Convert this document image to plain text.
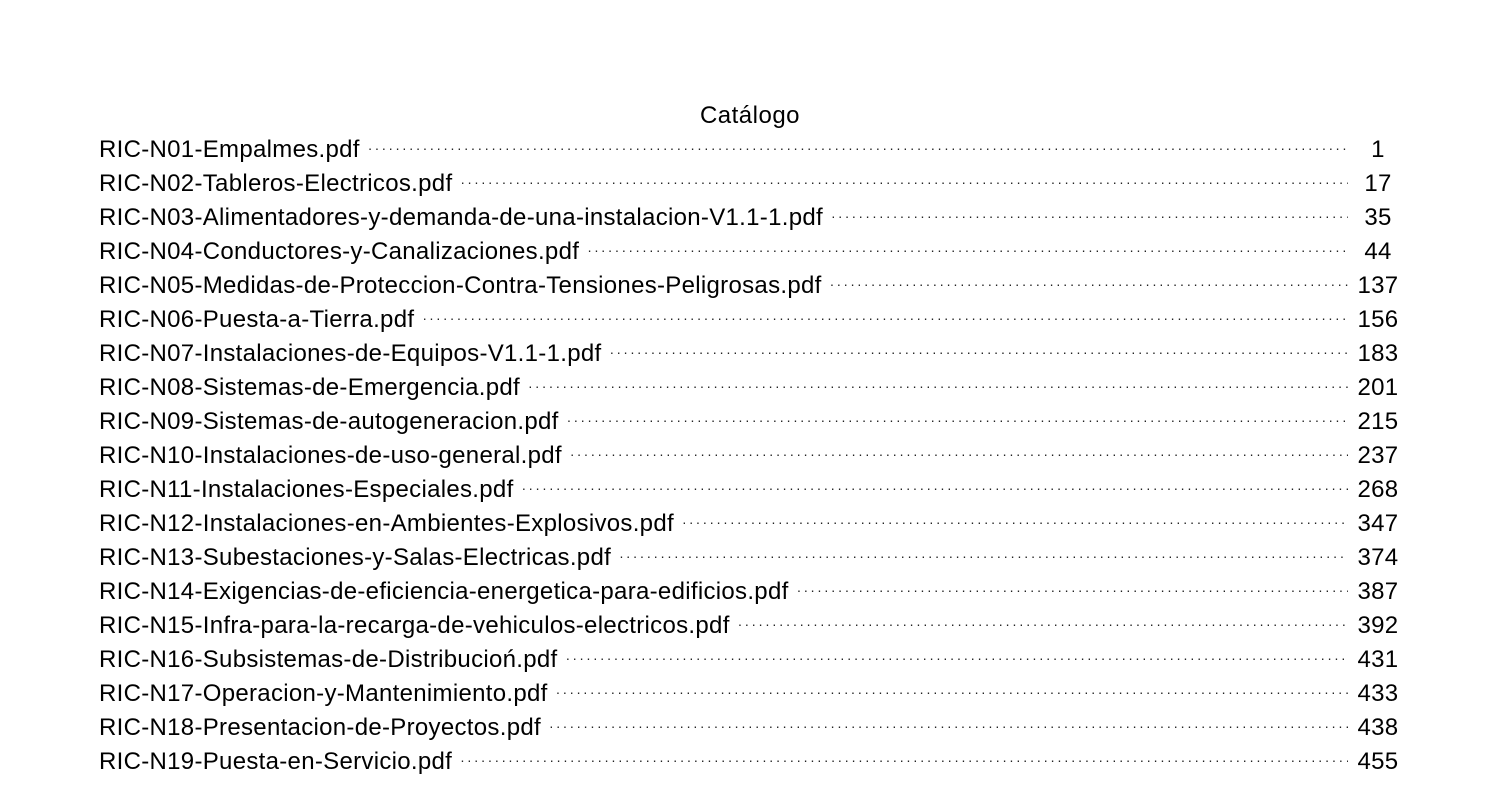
Catálogo
RIC-N01-Empalmes.pdf ·····	1
RIC-N02-Tableros-Electricos.pdf ·····	17
RIC-N03-Alimentadores-y-demanda-de-una-instalacion-V1.1-1.pdf ·····	35
RIC-N04-Conductores-y-Canalizaciones.pdf ·····	44
RIC-N05-Medidas-de-Proteccion-Contra-Tensiones-Peligrosas.pdf ·····	137
RIC-N06-Puesta-a-Tierra.pdf ·····	156
RIC-N07-Instalaciones-de-Equipos-V1.1-1.pdf ·····	183
RIC-N08-Sistemas-de-Emergencia.pdf ·····	201
RIC-N09-Sistemas-de-autogeneracion.pdf ·····	215
RIC-N10-Instalaciones-de-uso-general.pdf ·····	237
RIC-N11-Instalaciones-Especiales.pdf ·····	268
RIC-N12-Instalaciones-en-Ambientes-Explosivos.pdf ·····	347
RIC-N13-Subestaciones-y-Salas-Electricas.pdf ·····	374
RIC-N14-Exigencias-de-eficiencia-energetica-para-edificios.pdf ·····	387
RIC-N15-Infra-para-la-recarga-de-vehiculos-electricos.pdf ·····	392
RIC-N16-Subsistemas-de-Distribucioń.pdf ·····	431
RIC-N17-Operacion-y-Mantenimiento.pdf ·····	433
RIC-N18-Presentacion-de-Proyectos.pdf ·····	438
RIC-N19-Puesta-en-Servicio.pdf ·····	455
